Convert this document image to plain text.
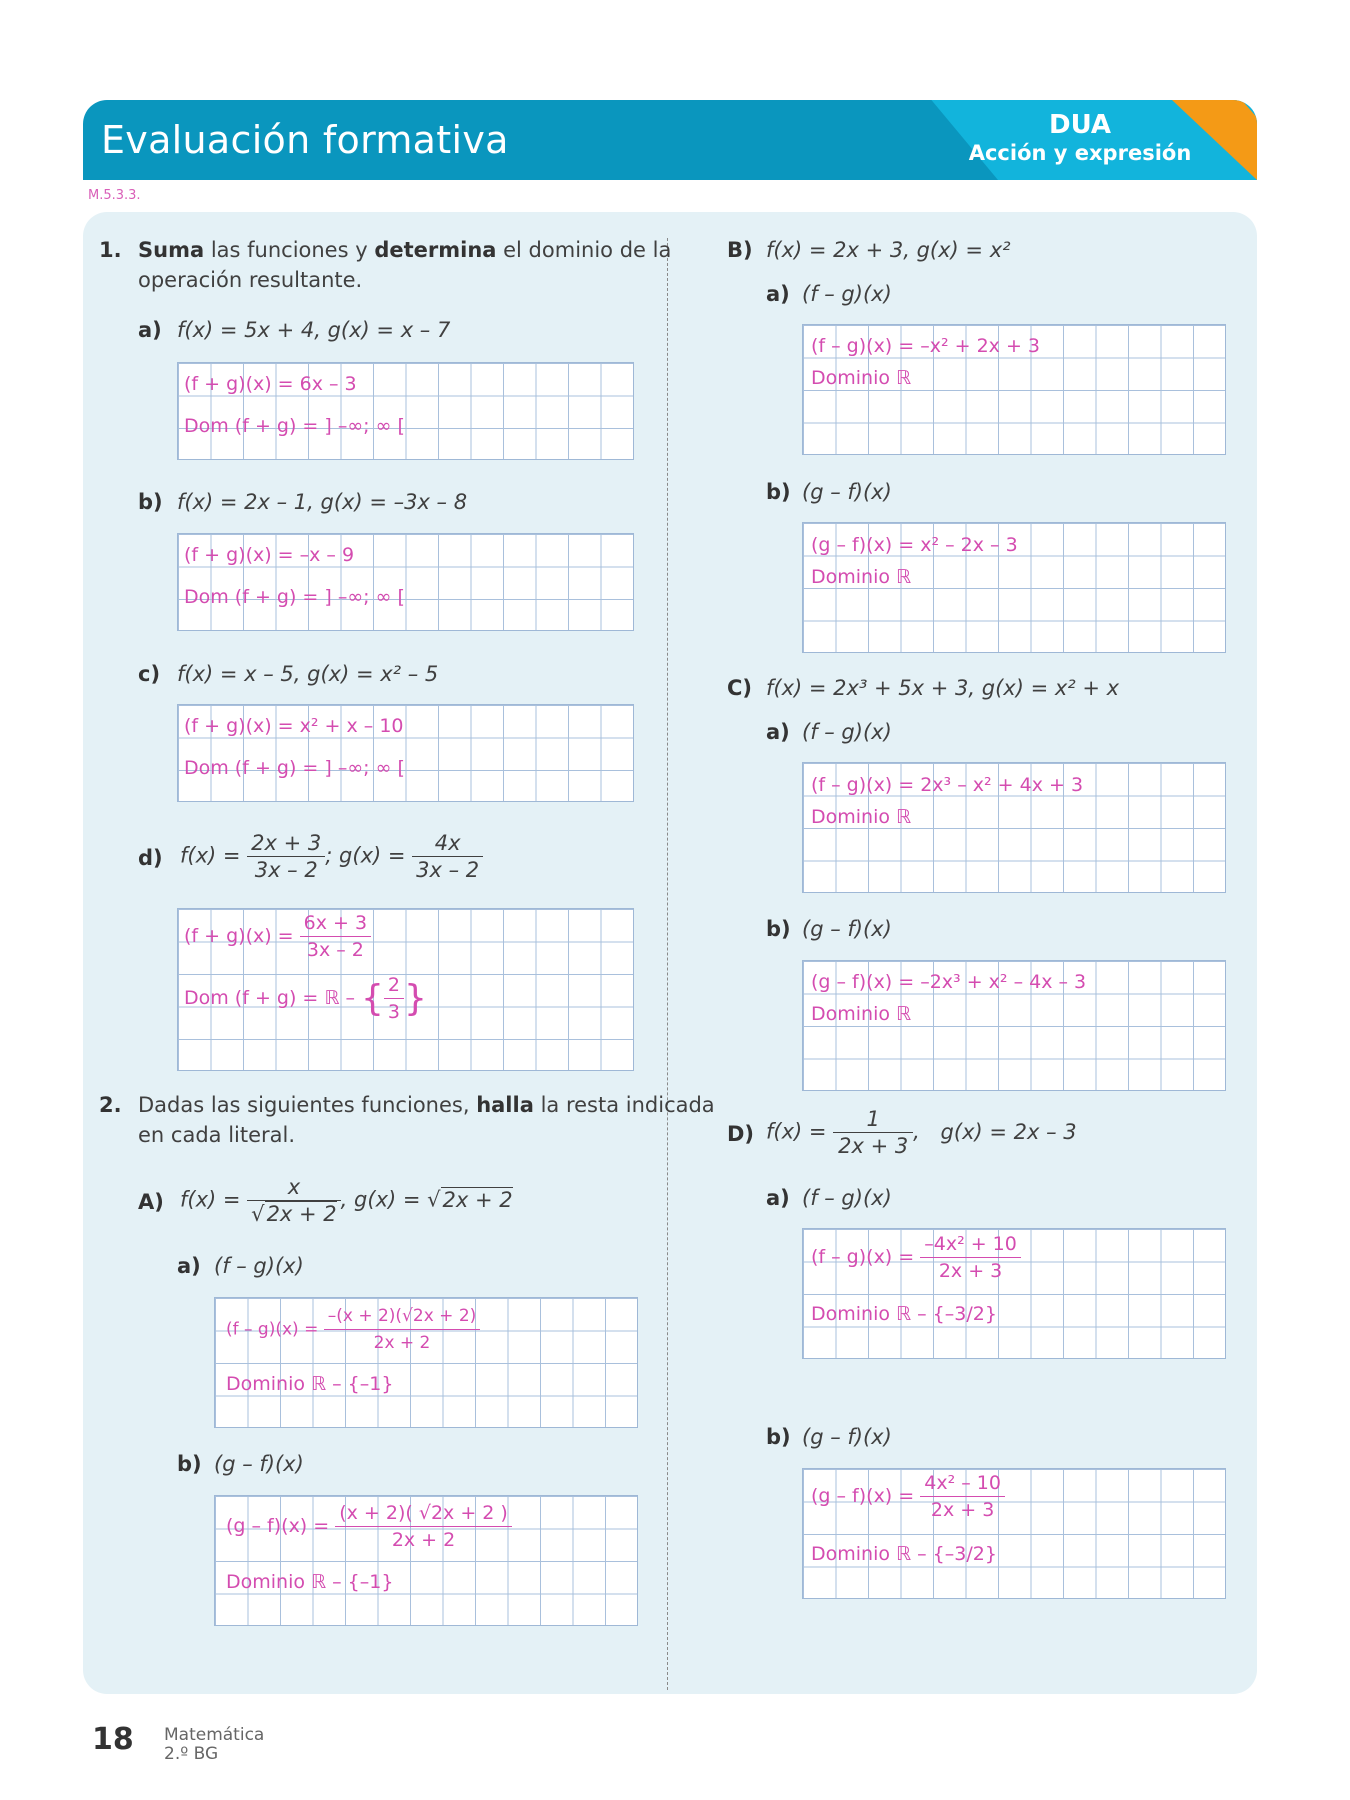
Evaluación formativa	DUA
Acción y expresión
M.5.3.3.
1. Suma las funciones y determina el dominio de la
operación resultante.
a) f(x) = 5x + 4, g(x) = x – 7
(f + g)(x) = 6x – 3
Dom (f + g) = ] –∞; ∞ [
b) f(x) = 2x – 1, g(x) = –3x – 8
(f + g)(x) = –x – 9
Dom (f + g) = ] –∞; ∞ [
c) f(x) = x – 5, g(x) = x² – 5
(f + g)(x) = x² + x – 10
Dom (f + g) = ] –∞; ∞ [
d) $f(x) = \frac{2x + 3}{3x - 2}$ ; $g(x) = \frac{4x}{3x - 2}$
$(f + g)(x) = \frac{6x + 3}{3x - 2}$
Dom (f + g) = ℝ – { $\frac{2}{3}$ }
2. Dadas las siguientes funciones, halla la resta indicada
en cada literal.
A) $f(x) = \frac{x}{√2x + 2}$ , g(x) = √2x + 2
a) (f – g)(x)
$(f - g)(x) = \frac{-(x + 2)(√2x + 2)}{2x + 2}$
Dominio ℝ – {–1}
b) (g – f)(x)
$(g - f)(x) = \frac{(x + 2)( √2x + 2 )}{2x + 2}$
Dominio ℝ – {–1}
B) f(x) = 2x + 3, g(x) = x²
a) (f – g)(x)
(f – g)(x) = –x² + 2x + 3
Dominio ℝ
b) (g – f)(x)
(g – f)(x) = x² – 2x – 3
Dominio ℝ
C) f(x) = 2x³ + 5x + 3, g(x) = x² + x
a) (f – g)(x)
(f – g)(x) = 2x³ – x² + 4x + 3
Dominio ℝ
b) (g – f)(x)
(g – f)(x) = –2x³ + x² – 4x – 3
Dominio ℝ
D) $f(x) = \frac{1}{2x + 3}$ , g(x) = 2x – 3
a) (f – g)(x)
$(f - g)(x) = \frac{\text{–4x² + 10}}{2x + 3}$
Dominio ℝ – {–3/2}
b) (g – f)(x)
$(g - f)(x) = \frac{\text{4x² – 10}}{2x + 3}$
Dominio ℝ – {–3/2}
18 Matemática
2.º BG
